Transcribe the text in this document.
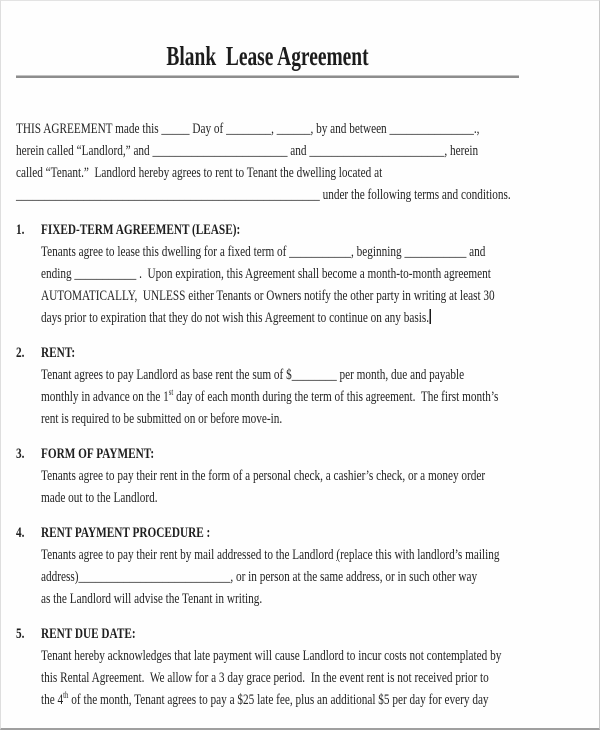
Blank  Lease Agreement
THIS AGREEMENT made this _____ Day of ________, ______, by and between _______________.,
herein called “Landlord,” and ________________________ and ________________________, herein
called “Tenant.”  Landlord hereby agrees to rent to Tenant the dwelling located at
______________________________________________________ under the following terms and conditions.
1.	FIXED-TERM AGREEMENT (LEASE):
Tenants agree to lease this dwelling for a fixed term of ___________, beginning ___________ and
ending ___________ .  Upon expiration, this Agreement shall become a month-to-month agreement
AUTOMATICALLY,  UNLESS either Tenants or Owners notify the other party in writing at least 30
days prior to expiration that they do not wish this Agreement to continue on any basis.
2.	RENT:
Tenant agrees to pay Landlord as base rent the sum of $________ per month, due and payable
monthly in advance on the 1st day of each month during the term of this agreement.  The first month’s
rent is required to be submitted on or before move-in.
3.	FORM OF PAYMENT:
Tenants agree to pay their rent in the form of a personal check, a cashier’s check, or a money order
made out to the Landlord.
4.	RENT PAYMENT PROCEDURE :
Tenants agree to pay their rent by mail addressed to the Landlord (replace this with landlord’s mailing
address)___________________________, or in person at the same address, or in such other way
as the Landlord will advise the Tenant in writing.
5.	RENT DUE DATE:
Tenant hereby acknowledges that late payment will cause Landlord to incur costs not contemplated by
this Rental Agreement.  We allow for a 3 day grace period.  In the event rent is not received prior to
the 4th of the month, Tenant agrees to pay a $25 late fee, plus an additional $5 per day for every day
